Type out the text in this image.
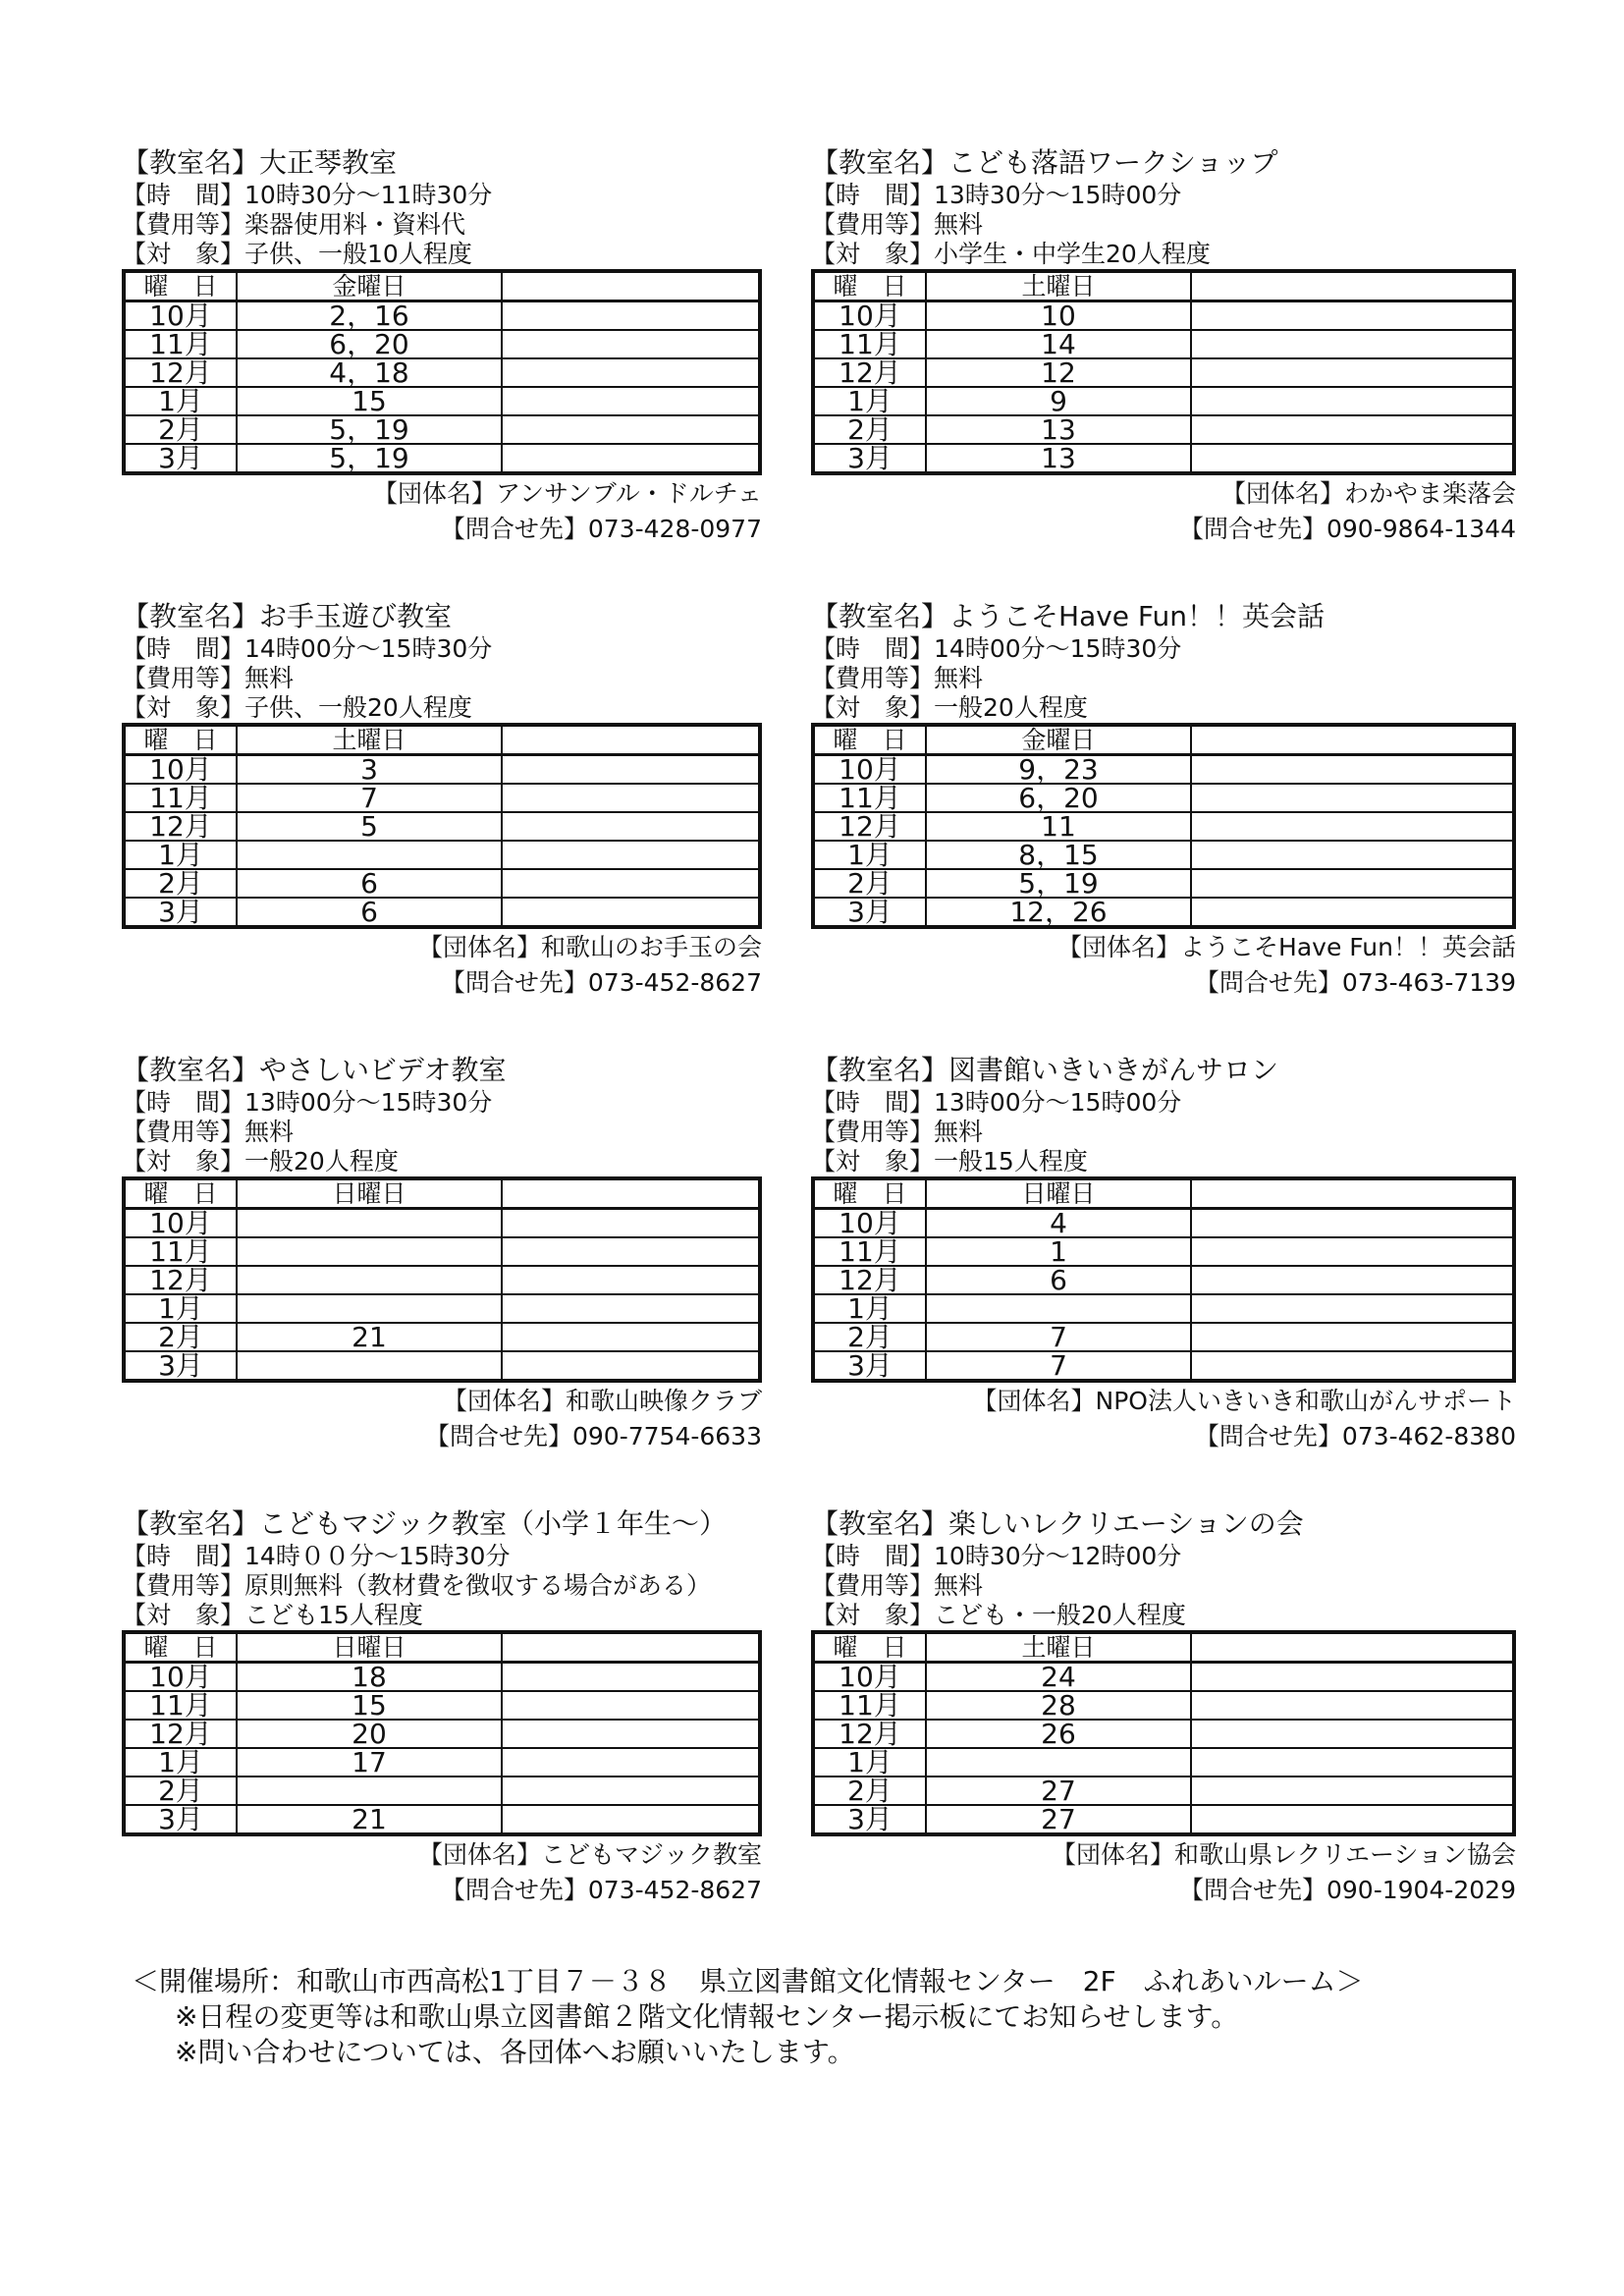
【教室名】大正琴教室
【時　間】10時30分～11時30分
【費用等】楽器使用料・資料代
【対　象】子供、一般10人程度
曜　日	金曜日	
10月	2，16	
11月	6，20	
12月	4，18	
1月	15	
2月	5，19	
3月	5，19	
【団体名】アンサンブル・ドルチェ
【問合せ先】073-428-0977
【教室名】こども落語ワークショップ
【時　間】13時30分～15時00分
【費用等】無料
【対　象】小学生・中学生20人程度
曜　日	土曜日	
10月	10	
11月	14	
12月	12	
1月	9	
2月	13	
3月	13	
【団体名】わかやま楽落会
【問合せ先】090-9864-1344
【教室名】お手玉遊び教室
【時　間】14時00分～15時30分
【費用等】無料
【対　象】子供、一般20人程度
曜　日	土曜日	
10月	3	
11月	7	
12月	5	
1月		
2月	6	
3月	6	
【団体名】和歌山のお手玉の会
【問合せ先】073-452-8627
【教室名】ようこそHave Fun！！英会話
【時　間】14時00分～15時30分
【費用等】無料
【対　象】一般20人程度
曜　日	金曜日	
10月	9，23	
11月	6，20	
12月	11	
1月	8，15	
2月	5，19	
3月	12，26	
【団体名】ようこそHave Fun！！英会話
【問合せ先】073-463-7139
【教室名】やさしいビデオ教室
【時　間】13時00分～15時30分
【費用等】無料
【対　象】一般20人程度
曜　日	日曜日	
10月		
11月		
12月		
1月		
2月	21	
3月		
【団体名】和歌山映像クラブ
【問合せ先】090-7754-6633
【教室名】図書館いきいきがんサロン
【時　間】13時00分～15時00分
【費用等】無料
【対　象】一般15人程度
曜　日	日曜日	
10月	4	
11月	1	
12月	6	
1月		
2月	7	
3月	7	
【団体名】NPO法人いきいき和歌山がんサポート
【問合せ先】073-462-8380
【教室名】こどもマジック教室（小学１年生～）
【時　間】14時００分～15時30分
【費用等】原則無料（教材費を徴収する場合がある）
【対　象】こども15人程度
曜　日	日曜日	
10月	18	
11月	15	
12月	20	
1月	17	
2月		
3月	21	
【団体名】こどもマジック教室
【問合せ先】073-452-8627
【教室名】楽しいレクリエーションの会
【時　間】10時30分～12時00分
【費用等】無料
【対　象】こども・一般20人程度
曜　日	土曜日	
10月	24	
11月	28	
12月	26	
1月		
2月	27	
3月	27	
【団体名】和歌山県レクリエーション協会
【問合せ先】090-1904-2029
＜開催場所：和歌山市西高松1丁目７－３８　県立図書館文化情報センター　2F　ふれあいルーム＞
※日程の変更等は和歌山県立図書館２階文化情報センター掲示板にてお知らせします。
※問い合わせについては、各団体へお願いいたします。
